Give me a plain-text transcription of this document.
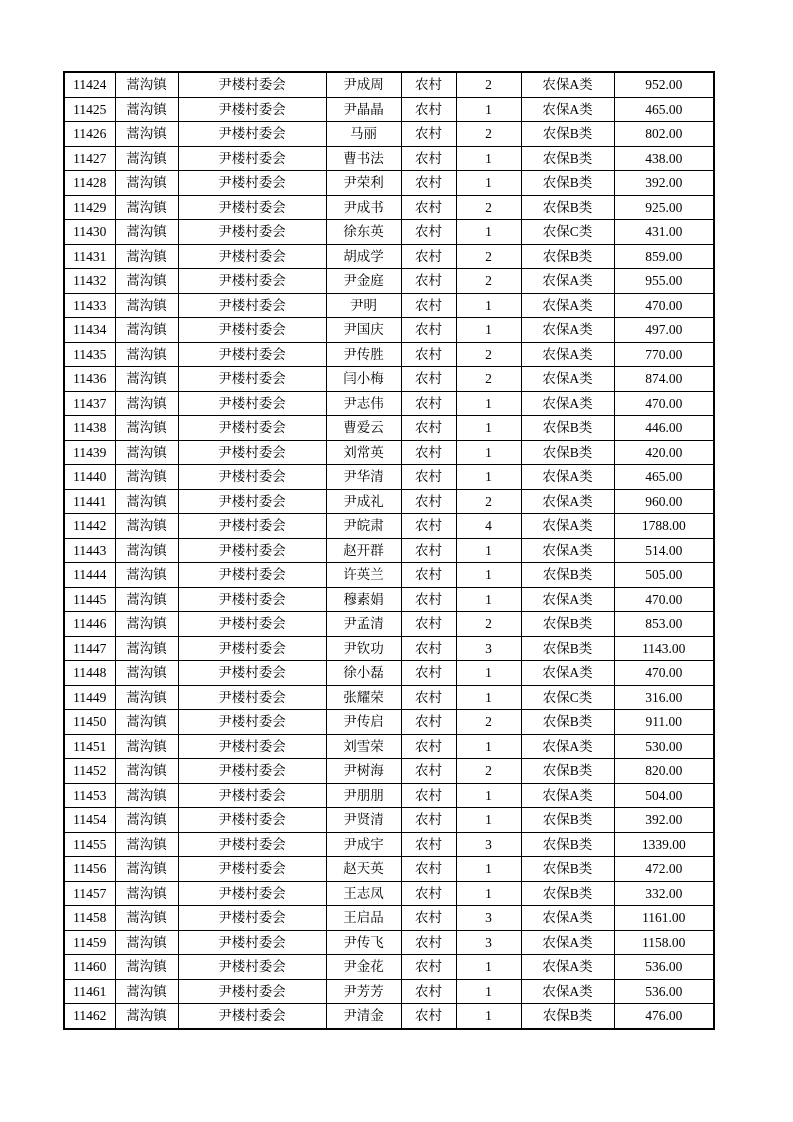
11424	蒿沟镇	尹楼村委会	尹成周	农村	2	农保A类	952.00
11425	蒿沟镇	尹楼村委会	尹晶晶	农村	1	农保A类	465.00
11426	蒿沟镇	尹楼村委会	马丽	农村	2	农保B类	802.00
11427	蒿沟镇	尹楼村委会	曹书法	农村	1	农保B类	438.00
11428	蒿沟镇	尹楼村委会	尹荣利	农村	1	农保B类	392.00
11429	蒿沟镇	尹楼村委会	尹成书	农村	2	农保B类	925.00
11430	蒿沟镇	尹楼村委会	徐东英	农村	1	农保C类	431.00
11431	蒿沟镇	尹楼村委会	胡成学	农村	2	农保B类	859.00
11432	蒿沟镇	尹楼村委会	尹金庭	农村	2	农保A类	955.00
11433	蒿沟镇	尹楼村委会	尹明	农村	1	农保A类	470.00
11434	蒿沟镇	尹楼村委会	尹国庆	农村	1	农保A类	497.00
11435	蒿沟镇	尹楼村委会	尹传胜	农村	2	农保A类	770.00
11436	蒿沟镇	尹楼村委会	闫小梅	农村	2	农保A类	874.00
11437	蒿沟镇	尹楼村委会	尹志伟	农村	1	农保A类	470.00
11438	蒿沟镇	尹楼村委会	曹爱云	农村	1	农保B类	446.00
11439	蒿沟镇	尹楼村委会	刘常英	农村	1	农保B类	420.00
11440	蒿沟镇	尹楼村委会	尹华清	农村	1	农保A类	465.00
11441	蒿沟镇	尹楼村委会	尹成礼	农村	2	农保A类	960.00
11442	蒿沟镇	尹楼村委会	尹皖肃	农村	4	农保A类	1788.00
11443	蒿沟镇	尹楼村委会	赵开群	农村	1	农保A类	514.00
11444	蒿沟镇	尹楼村委会	许英兰	农村	1	农保B类	505.00
11445	蒿沟镇	尹楼村委会	穆素娟	农村	1	农保A类	470.00
11446	蒿沟镇	尹楼村委会	尹孟清	农村	2	农保B类	853.00
11447	蒿沟镇	尹楼村委会	尹钦功	农村	3	农保B类	1143.00
11448	蒿沟镇	尹楼村委会	徐小磊	农村	1	农保A类	470.00
11449	蒿沟镇	尹楼村委会	张耀荣	农村	1	农保C类	316.00
11450	蒿沟镇	尹楼村委会	尹传启	农村	2	农保B类	911.00
11451	蒿沟镇	尹楼村委会	刘雪荣	农村	1	农保A类	530.00
11452	蒿沟镇	尹楼村委会	尹树海	农村	2	农保B类	820.00
11453	蒿沟镇	尹楼村委会	尹朋朋	农村	1	农保A类	504.00
11454	蒿沟镇	尹楼村委会	尹贤清	农村	1	农保B类	392.00
11455	蒿沟镇	尹楼村委会	尹成宇	农村	3	农保B类	1339.00
11456	蒿沟镇	尹楼村委会	赵天英	农村	1	农保B类	472.00
11457	蒿沟镇	尹楼村委会	王志凤	农村	1	农保B类	332.00
11458	蒿沟镇	尹楼村委会	王启品	农村	3	农保A类	1161.00
11459	蒿沟镇	尹楼村委会	尹传飞	农村	3	农保A类	1158.00
11460	蒿沟镇	尹楼村委会	尹金花	农村	1	农保A类	536.00
11461	蒿沟镇	尹楼村委会	尹芳芳	农村	1	农保A类	536.00
11462	蒿沟镇	尹楼村委会	尹清金	农村	1	农保B类	476.00
